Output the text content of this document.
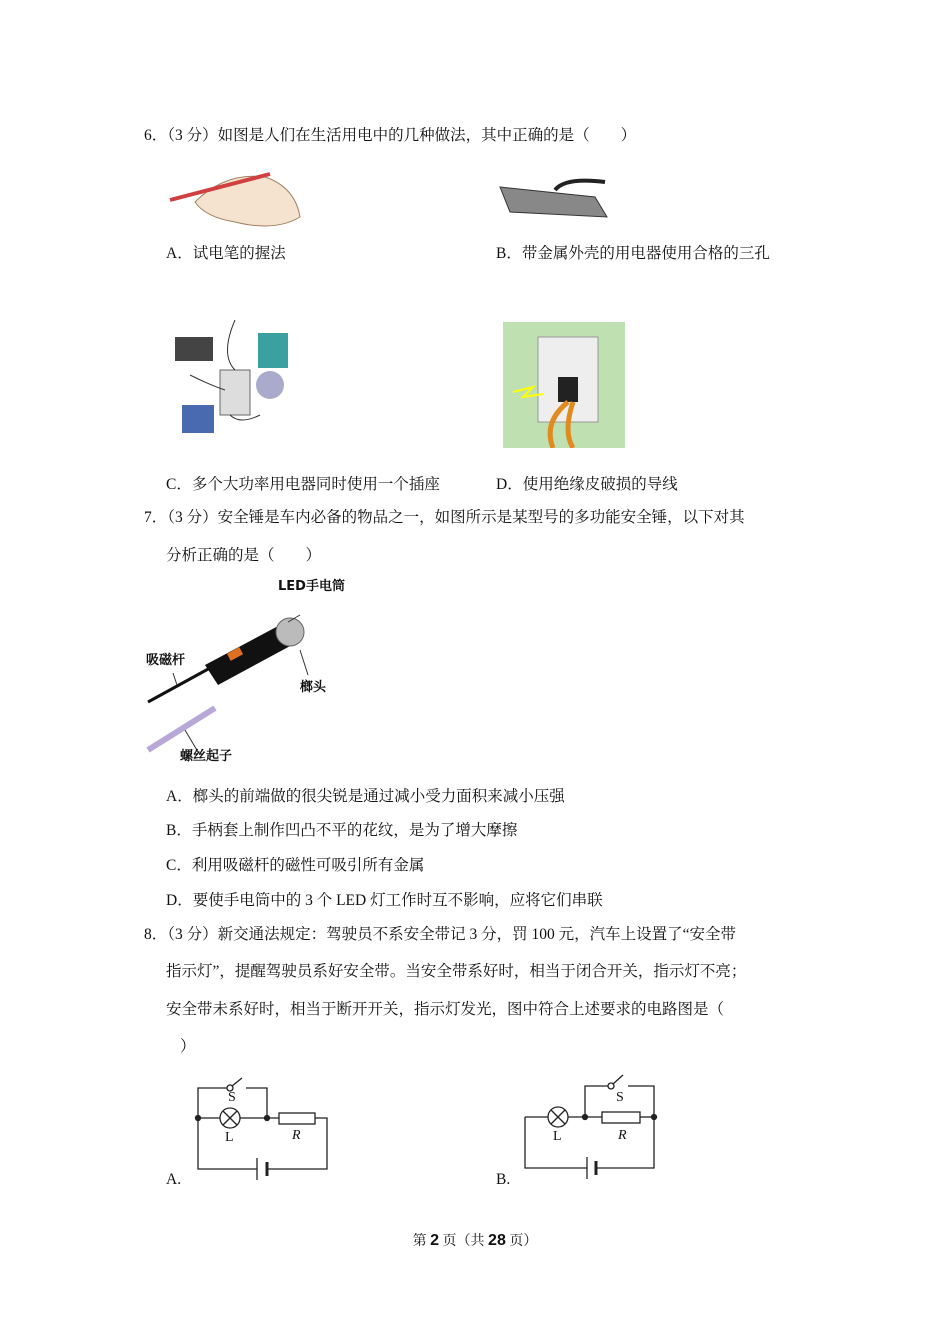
6．（3 分）如图是人们在生活用电中的几种做法，其中正确的是（　　）
A．试电笔的握法	B．带金属外壳的用电器使用合格的三孔
C．多个大功率用电器同时使用一个插座	D．使用绝缘皮破损的导线
7．（3 分）安全锤是车内必备的物品之一，如图所示是某型号的多功能安全锤，以下对其
分析正确的是（　　）
LED手电筒
吸磁杆
榔头
螺丝起子
A．榔头的前端做的很尖锐是通过减小受力面积来减小压强
B．手柄套上制作凹凸不平的花纹，是为了增大摩擦
C．利用吸磁杆的磁性可吸引所有金属
D．要使手电筒中的 3 个 LED 灯工作时互不影响，应将它们串联
8．（3 分）新交通法规定：驾驶员不系安全带记 3 分，罚 100 元，汽车上设置了“安全带
指示灯”，提醒驾驶员系好安全带。当安全带系好时，相当于闭合开关，指示灯不亮；
安全带未系好时，相当于断开开关，指示灯发光，图中符合上述要求的电路图是（
）
S
L	R
A.
S
L	R
B.
第 2 页（共 28 页）
